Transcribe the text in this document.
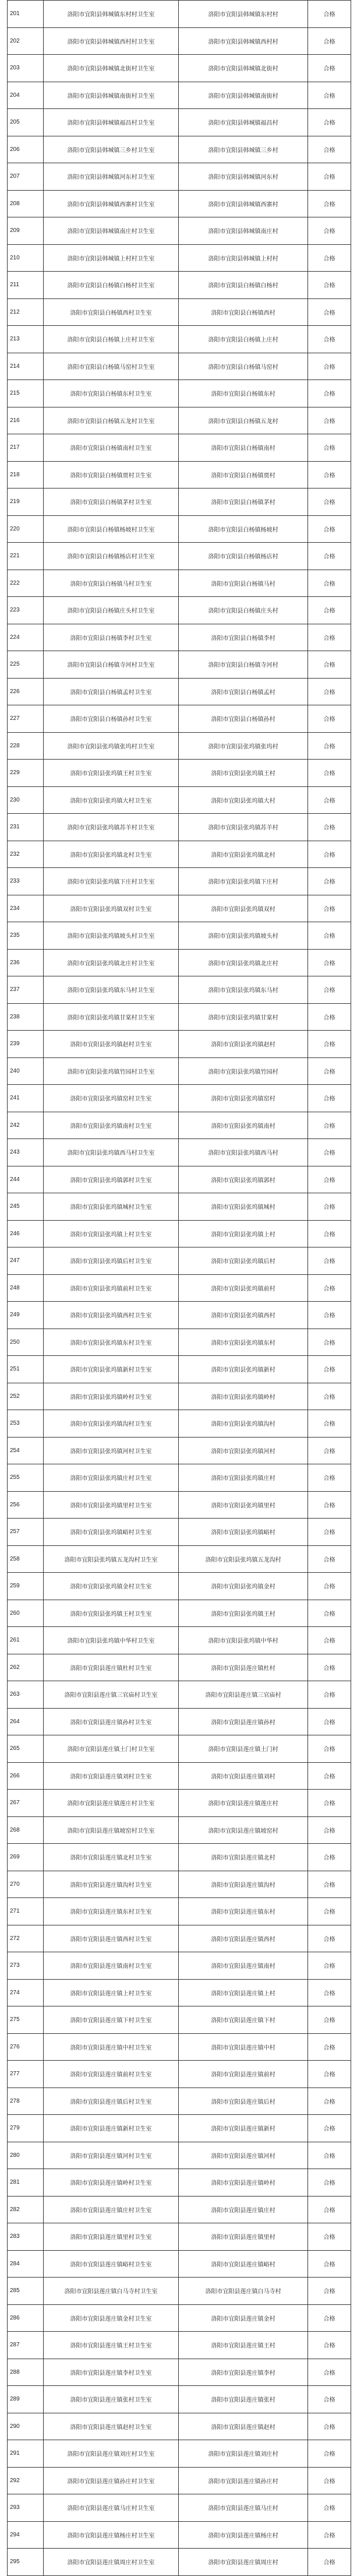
201	洛阳市宜阳县韩城镇东村村卫生室	洛阳市宜阳县韩城镇东村村	合格
202	洛阳市宜阳县韩城镇西村村卫生室	洛阳市宜阳县韩城镇西村村	合格
203	洛阳市宜阳县韩城镇北街村卫生室	洛阳市宜阳县韩城镇北街村	合格
204	洛阳市宜阳县韩城镇南街村卫生室	洛阳市宜阳县韩城镇南街村	合格
205	洛阳市宜阳县韩城镇福昌村卫生室	洛阳市宜阳县韩城镇福昌村	合格
206	洛阳市宜阳县韩城镇三乡村卫生室	洛阳市宜阳县韩城镇三乡村	合格
207	洛阳市宜阳县韩城镇河东村卫生室	洛阳市宜阳县韩城镇河东村	合格
208	洛阳市宜阳县韩城镇西寨村卫生室	洛阳市宜阳县韩城镇西寨村	合格
209	洛阳市宜阳县韩城镇南庄村卫生室	洛阳市宜阳县韩城镇南庄村	合格
210	洛阳市宜阳县韩城镇上村村卫生室	洛阳市宜阳县韩城镇上村村	合格
211	洛阳市宜阳县白杨镇白杨村卫生室	洛阳市宜阳县白杨镇白杨村	合格
212	洛阳市宜阳县白杨镇西村卫生室	洛阳市宜阳县白杨镇西村	合格
213	洛阳市宜阳县白杨镇上庄村卫生室	洛阳市宜阳县白杨镇上庄村	合格
214	洛阳市宜阳县白杨镇马窑村卫生室	洛阳市宜阳县白杨镇马窑村	合格
215	洛阳市宜阳县白杨镇东村卫生室	洛阳市宜阳县白杨镇东村	合格
216	洛阳市宜阳县白杨镇五龙村卫生室	洛阳市宜阳县白杨镇五龙村	合格
217	洛阳市宜阳县白杨镇南村卫生室	洛阳市宜阳县白杨镇南村	合格
218	洛阳市宜阳县白杨镇贾村卫生室	洛阳市宜阳县白杨镇贾村	合格
219	洛阳市宜阳县白杨镇茅村卫生室	洛阳市宜阳县白杨镇茅村	合格
220	洛阳市宜阳县白杨镇杨坡村卫生室	洛阳市宜阳县白杨镇杨坡村	合格
221	洛阳市宜阳县白杨镇杨店村卫生室	洛阳市宜阳县白杨镇杨店村	合格
222	洛阳市宜阳县白杨镇马村卫生室	洛阳市宜阳县白杨镇马村	合格
223	洛阳市宜阳县白杨镇庄头村卫生室	洛阳市宜阳县白杨镇庄头村	合格
224	洛阳市宜阳县白杨镇李村卫生室	洛阳市宜阳县白杨镇李村	合格
225	洛阳市宜阳县白杨镇寺河村卫生室	洛阳市宜阳县白杨镇寺河村	合格
226	洛阳市宜阳县白杨镇孟村卫生室	洛阳市宜阳县白杨镇孟村	合格
227	洛阳市宜阳县白杨镇孙村卫生室	洛阳市宜阳县白杨镇孙村	合格
228	洛阳市宜阳县张坞镇张坞村卫生室	洛阳市宜阳县张坞镇张坞村	合格
229	洛阳市宜阳县张坞镇王村卫生室	洛阳市宜阳县张坞镇王村	合格
230	洛阳市宜阳县张坞镇大村卫生室	洛阳市宜阳县张坞镇大村	合格
231	洛阳市宜阳县张坞镇苏羊村卫生室	洛阳市宜阳县张坞镇苏羊村	合格
232	洛阳市宜阳县张坞镇北村卫生室	洛阳市宜阳县张坞镇北村	合格
233	洛阳市宜阳县张坞镇下庄村卫生室	洛阳市宜阳县张坞镇下庄村	合格
234	洛阳市宜阳县张坞镇双村卫生室	洛阳市宜阳县张坞镇双村	合格
235	洛阳市宜阳县张坞镇坡头村卫生室	洛阳市宜阳县张坞镇坡头村	合格
236	洛阳市宜阳县张坞镇北庄村卫生室	洛阳市宜阳县张坞镇北庄村	合格
237	洛阳市宜阳县张坞镇东马村卫生室	洛阳市宜阳县张坞镇东马村	合格
238	洛阳市宜阳县张坞镇甘棠村卫生室	洛阳市宜阳县张坞镇甘棠村	合格
239	洛阳市宜阳县张坞镇赵村卫生室	洛阳市宜阳县张坞镇赵村	合格
240	洛阳市宜阳县张坞镇竹园村卫生室	洛阳市宜阳县张坞镇竹园村	合格
241	洛阳市宜阳县张坞镇窑村卫生室	洛阳市宜阳县张坞镇窑村	合格
242	洛阳市宜阳县张坞镇南村卫生室	洛阳市宜阳县张坞镇南村	合格
243	洛阳市宜阳县张坞镇西马村卫生室	洛阳市宜阳县张坞镇西马村	合格
244	洛阳市宜阳县张坞镇郭村卫生室	洛阳市宜阳县张坞镇郭村	合格
245	洛阳市宜阳县张坞镇城村卫生室	洛阳市宜阳县张坞镇城村	合格
246	洛阳市宜阳县张坞镇上村卫生室	洛阳市宜阳县张坞镇上村	合格
247	洛阳市宜阳县张坞镇后村卫生室	洛阳市宜阳县张坞镇后村	合格
248	洛阳市宜阳县张坞镇前村卫生室	洛阳市宜阳县张坞镇前村	合格
249	洛阳市宜阳县张坞镇西村卫生室	洛阳市宜阳县张坞镇西村	合格
250	洛阳市宜阳县张坞镇东村卫生室	洛阳市宜阳县张坞镇东村	合格
251	洛阳市宜阳县张坞镇新村卫生室	洛阳市宜阳县张坞镇新村	合格
252	洛阳市宜阳县张坞镇岭村卫生室	洛阳市宜阳县张坞镇岭村	合格
253	洛阳市宜阳县张坞镇沟村卫生室	洛阳市宜阳县张坞镇沟村	合格
254	洛阳市宜阳县张坞镇河村卫生室	洛阳市宜阳县张坞镇河村	合格
255	洛阳市宜阳县张坞镇庄村卫生室	洛阳市宜阳县张坞镇庄村	合格
256	洛阳市宜阳县张坞镇里村卫生室	洛阳市宜阳县张坞镇里村	合格
257	洛阳市宜阳县张坞镇峪村卫生室	洛阳市宜阳县张坞镇峪村	合格
258	洛阳市宜阳县张坞镇五龙沟村卫生室	洛阳市宜阳县张坞镇五龙沟村	合格
259	洛阳市宜阳县张坞镇金村卫生室	洛阳市宜阳县张坞镇金村	合格
260	洛阳市宜阳县张坞镇王村卫生室	洛阳市宜阳县张坞镇王村	合格
261	洛阳市宜阳县张坞镇中华村卫生室	洛阳市宜阳县张坞镇中华村	合格
262	洛阳市宜阳县莲庄镇杜村卫生室	洛阳市宜阳县莲庄镇杜村	合格
263	洛阳市宜阳县莲庄镇三官庙村卫生室	洛阳市宜阳县莲庄镇三官庙村	合格
264	洛阳市宜阳县莲庄镇孙村卫生室	洛阳市宜阳县莲庄镇孙村	合格
265	洛阳市宜阳县莲庄镇土门村卫生室	洛阳市宜阳县莲庄镇土门村	合格
266	洛阳市宜阳县莲庄镇刘村卫生室	洛阳市宜阳县莲庄镇刘村	合格
267	洛阳市宜阳县莲庄镇莲庄村卫生室	洛阳市宜阳县莲庄镇莲庄村	合格
268	洛阳市宜阳县莲庄镇坡窑村卫生室	洛阳市宜阳县莲庄镇坡窑村	合格
269	洛阳市宜阳县莲庄镇北村卫生室	洛阳市宜阳县莲庄镇北村	合格
270	洛阳市宜阳县莲庄镇沟村卫生室	洛阳市宜阳县莲庄镇沟村	合格
271	洛阳市宜阳县莲庄镇东村卫生室	洛阳市宜阳县莲庄镇东村	合格
272	洛阳市宜阳县莲庄镇西村卫生室	洛阳市宜阳县莲庄镇西村	合格
273	洛阳市宜阳县莲庄镇南村卫生室	洛阳市宜阳县莲庄镇南村	合格
274	洛阳市宜阳县莲庄镇上村卫生室	洛阳市宜阳县莲庄镇上村	合格
275	洛阳市宜阳县莲庄镇下村卫生室	洛阳市宜阳县莲庄镇下村	合格
276	洛阳市宜阳县莲庄镇中村卫生室	洛阳市宜阳县莲庄镇中村	合格
277	洛阳市宜阳县莲庄镇前村卫生室	洛阳市宜阳县莲庄镇前村	合格
278	洛阳市宜阳县莲庄镇后村卫生室	洛阳市宜阳县莲庄镇后村	合格
279	洛阳市宜阳县莲庄镇新村卫生室	洛阳市宜阳县莲庄镇新村	合格
280	洛阳市宜阳县莲庄镇河村卫生室	洛阳市宜阳县莲庄镇河村	合格
281	洛阳市宜阳县莲庄镇岭村卫生室	洛阳市宜阳县莲庄镇岭村	合格
282	洛阳市宜阳县莲庄镇庄村卫生室	洛阳市宜阳县莲庄镇庄村	合格
283	洛阳市宜阳县莲庄镇里村卫生室	洛阳市宜阳县莲庄镇里村	合格
284	洛阳市宜阳县莲庄镇峪村卫生室	洛阳市宜阳县莲庄镇峪村	合格
285	洛阳市宜阳县莲庄镇白马寺村卫生室	洛阳市宜阳县莲庄镇白马寺村	合格
286	洛阳市宜阳县莲庄镇金村卫生室	洛阳市宜阳县莲庄镇金村	合格
287	洛阳市宜阳县莲庄镇王村卫生室	洛阳市宜阳县莲庄镇王村	合格
288	洛阳市宜阳县莲庄镇李村卫生室	洛阳市宜阳县莲庄镇李村	合格
289	洛阳市宜阳县莲庄镇张村卫生室	洛阳市宜阳县莲庄镇张村	合格
290	洛阳市宜阳县莲庄镇赵村卫生室	洛阳市宜阳县莲庄镇赵村	合格
291	洛阳市宜阳县莲庄镇刘庄村卫生室	洛阳市宜阳县莲庄镇刘庄村	合格
292	洛阳市宜阳县莲庄镇孙庄村卫生室	洛阳市宜阳县莲庄镇孙庄村	合格
293	洛阳市宜阳县莲庄镇马庄村卫生室	洛阳市宜阳县莲庄镇马庄村	合格
294	洛阳市宜阳县莲庄镇杨庄村卫生室	洛阳市宜阳县莲庄镇杨庄村	合格
295	洛阳市宜阳县莲庄镇周庄村卫生室	洛阳市宜阳县莲庄镇周庄村	合格
